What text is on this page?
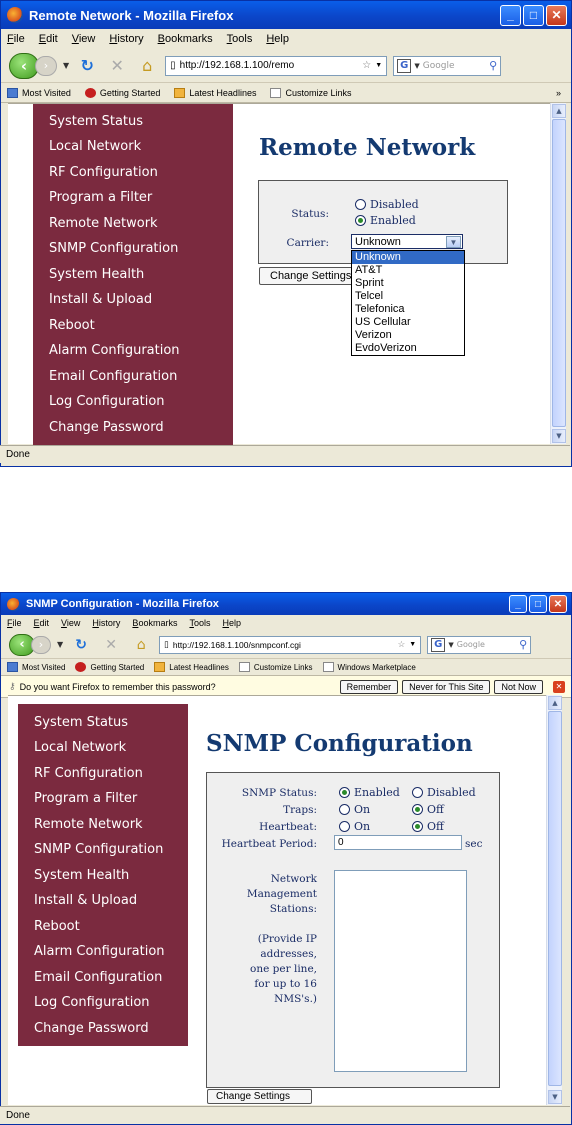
Remote Network - Mozilla Firefox	_	□	✕
File Edit View History Bookmarks Tools Help
‹	›	▼ ↻	✕	⌂	▯ http://192.168.1.100/remo	☆ ▼	G ▼ Google	⚲
Most Visited	Getting Started	Latest Headlines	Customize Links	»
System Status
Local Network
RF Configuration
Program a Filter
Remote Network
SNMP Configuration
System Health
Install & Upload
Reboot
Alarm Configuration
Email Configuration
Log Configuration
Change Password
Remote Network
Status:
Disabled
Enabled
Carrier: Unknown	▼
Change Settings
Unknown
AT&T
Sprint
Telcel
Telefonica
US Cellular
Verizon
EvdoVerizon
▲
▼
Done
SNMP Configuration - Mozilla Firefox	_	□	✕
File Edit View History Bookmarks Tools Help
‹	›	▼ ↻	✕	⌂	▯ http://192.168.1.100/snmpconf.cgi	☆ ▼	G ▼ Google	⚲
Most Visited	Getting Started	Latest Headlines	Customize Links	Windows Marketplace
⚷ Do you want Firefox to remember this password?	Remember	Never for This Site	Not Now	✕
System Status
Local Network
RF Configuration
Program a Filter
Remote Network
SNMP Configuration
System Health
Install & Upload
Reboot
Alarm Configuration
Email Configuration
Log Configuration
Change Password
SNMP Configuration
SNMP Status:	Enabled Disabled
Traps:	On	Off
Heartbeat:	On	Off
Heartbeat Period: 0	sec
Network
Management
Stations:
(Provide IP
addresses,
one per line,
for up to 16
NMS's.)
Change Settings
▲
▼
Done
